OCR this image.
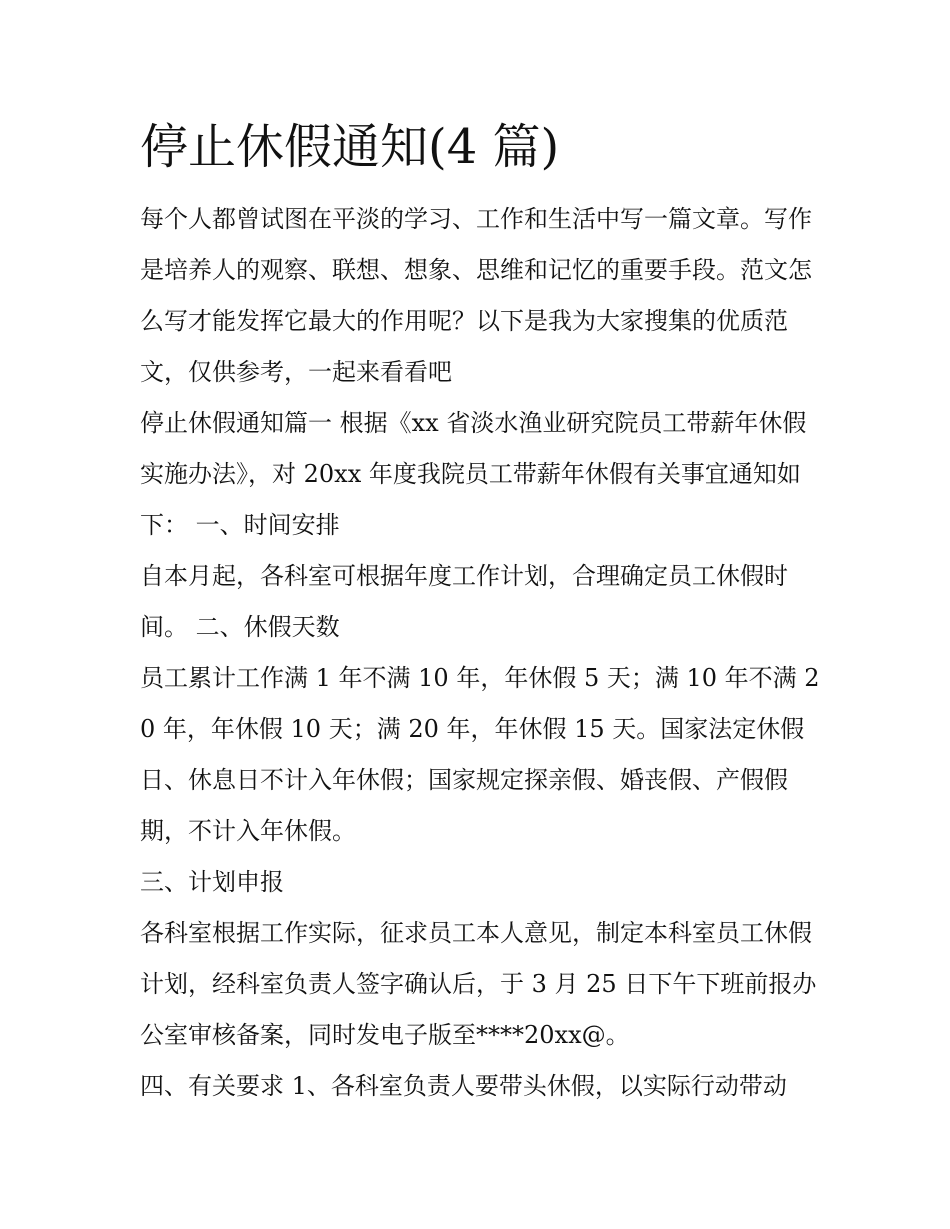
停止休假通知(4 篇)

每个人都曾试图在平淡的学习、工作和生活中写一篇文章。写作是培养人的观察、联想、想象、思维和记忆的重要手段。范文怎么写才能发挥它最大的作用呢？以下是我为大家搜集的优质范文，仅供参考，一起来看看吧

停止休假通知篇一 根据《xx 省淡水渔业研究院员工带薪年休假实施办法》，对 20xx 年度我院员工带薪年休假有关事宜通知如下： 一、时间安排

自本月起，各科室可根据年度工作计划，合理确定员工休假时间。 二、休假天数

员工累计工作满 1 年不满 10 年，年休假 5 天；满 10 年不满 20 年，年休假 10 天；满 20 年，年休假 15 天。国家法定休假日、休息日不计入年休假；国家规定探亲假、婚丧假、产假假期，不计入年休假。

三、计划申报

各科室根据工作实际，征求员工本人意见，制定本科室员工休假计划，经科室负责人签字确认后，于 3 月 25 日下午下班前报办公室审核备案，同时发电子版至****20xx@。

四、有关要求 1、各科室负责人要带头休假，以实际行动带动
